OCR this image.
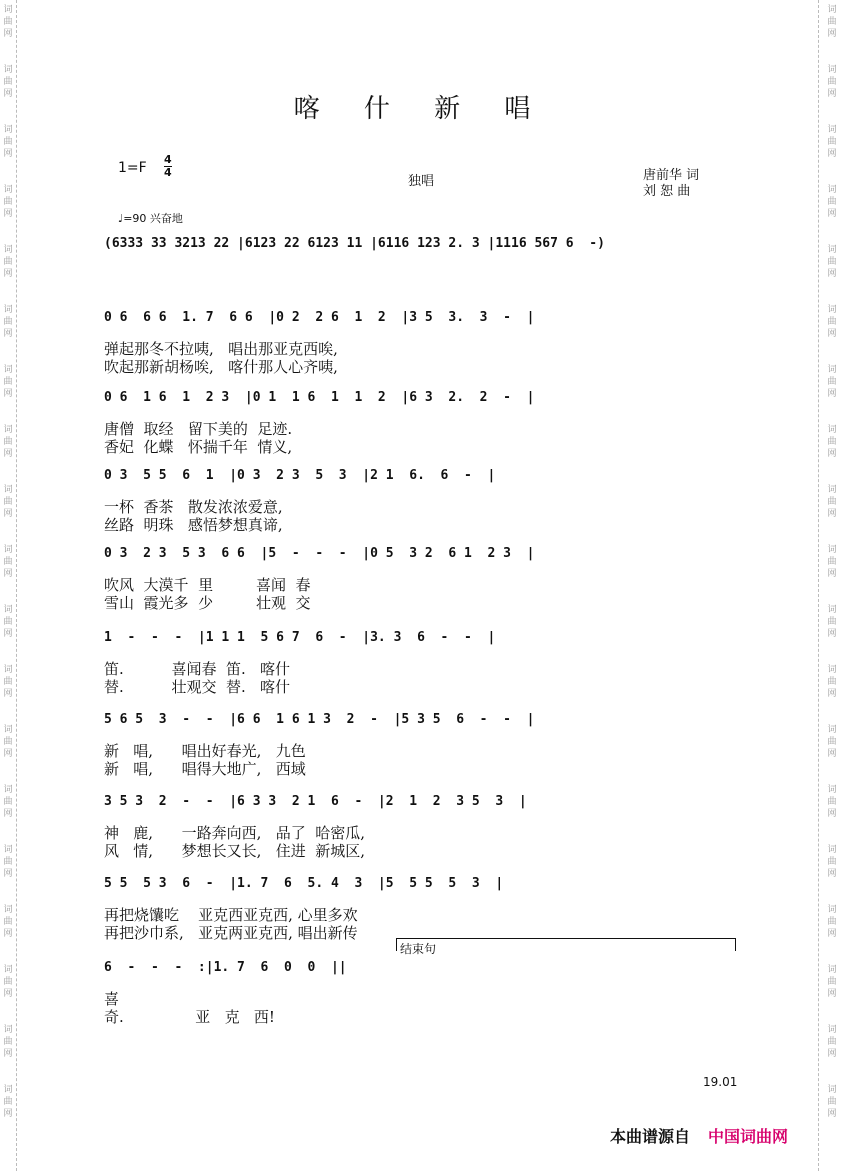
词曲网
词曲网
词曲网
词曲网
词曲网
词曲网
词曲网
词曲网
词曲网
词曲网
词曲网
词曲网
词曲网
词曲网
词曲网
词曲网
词曲网
词曲网
词曲网
词曲网
词曲网
词曲网
词曲网
词曲网
词曲网
词曲网
词曲网
词曲网
词曲网
词曲网
词曲网
词曲网
词曲网
词曲网
词曲网
词曲网
词曲网
词曲网
喀 什 新 唱
1=F
4
4
独唱	唐前华 词
刘 恕 曲
♩=90 兴奋地
(6333 33 3213 22 |6123 22 6123 11 |6116 123 2. 3 |1116 567 6  -)
0 6  6 6  1. 7  6 6  |0 2  2 6  1  2  |3 5  3.  3  -  |
弹起那冬不拉咦,   唱出那亚克西唉,
吹起那新胡杨唉,   喀什那人心齐咦,
0 6  1 6  1  2 3  |0 1  1 6  1  1  2  |6 3  2.  2  -  |
唐僧  取经   留下美的  足迹.
香妃  化蝶   怀揣千年  情义,
0 3  5 5  6  1  |0 3  2 3  5  3  |2 1  6.  6  -  |
一杯  香茶   散发浓浓爱意,
丝路  明珠   感悟梦想真谛,
0 3  2 3  5 3  6 6  |5  -  -  -  |0 5  3 2  6 1  2 3  |
吹风  大漠千  里         喜闻  春
雪山  霞光多  少         壮观  交
1  -  -  -  |1 1 1  5 6 7  6  -  |3. 3  6  -  -  |
笛.          喜闻春  笛.   喀什
替.          壮观交  替.   喀什
5 6 5  3  -  -  |6 6  1 6 1 3  2  -  |5 3 5  6  -  -  |
新   唱,      唱出好春光,   九色
新   唱,      唱得大地广,   西域
3 5 3  2  -  -  |6 3 3  2 1  6  -  |2  1  2  3 5  3  |
神   鹿,      一路奔向西,   品了  哈密瓜,
风   情,      梦想长又长,   住进  新城区,
5 5  5 3  6  -  |1. 7  6  5. 4  3  |5  5 5  5  3  |
再把烧馕吃    亚克西亚克西, 心里多欢
再把沙巾系,   亚克两亚克西, 唱出新传
6  -  -  -  :|1. 7  6  0  0  ||
喜
奇.               亚   克   西!
结束句
19.01
本曲谱源自 中国词曲网
